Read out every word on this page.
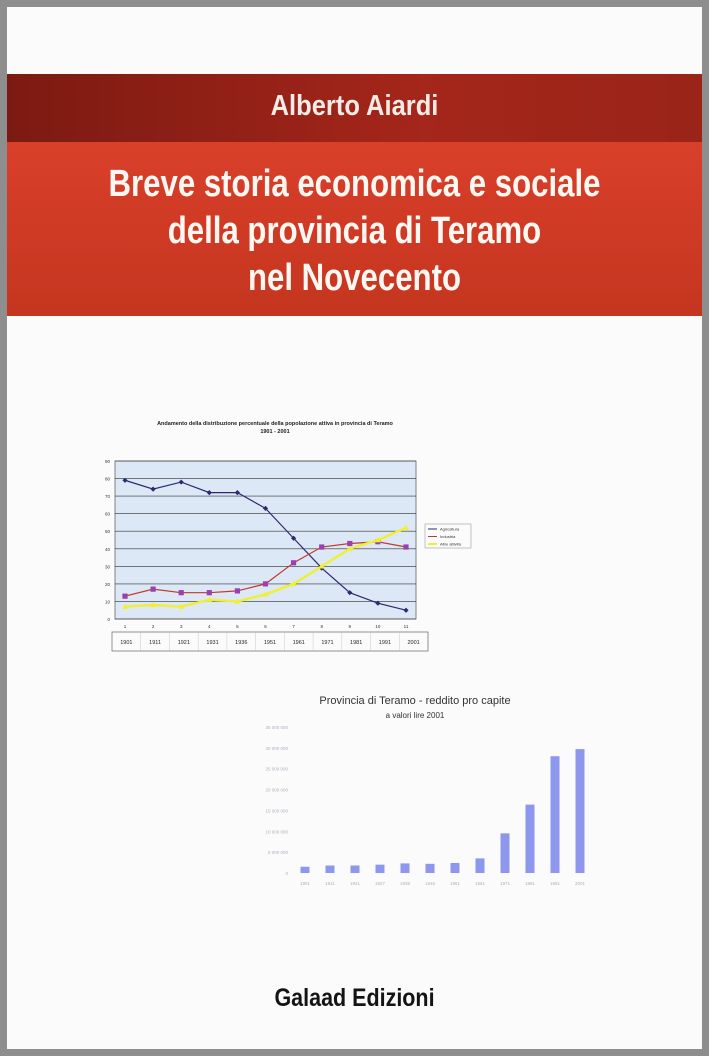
Alberto Aiardi
Breve storia economica e sociale
della provincia di Teramo
nel Novecento
Andamento della distribuzione percentuale della popolazione attiva in provincia di Teramo
1901 - 2001
0
10
20
30
40
50
60
70
80
90
1	2	3	4	5	6	7	8	9	10	11
Agricoltura
Industria
Altre attività
1901	1911	1921	1931	1936	1951	1961	1971	1981	1991	2001
Provincia di Teramo - reddito pro capite
a valori lire 2001
0
5 000 000
10 000 000
15 000 000
20 000 000
25 000 000
30 000 000
35 000 000
1901	1911	1921	1927	1938	1946	1951	1961	1971	1981	1991	2001
Galaad Edizioni
